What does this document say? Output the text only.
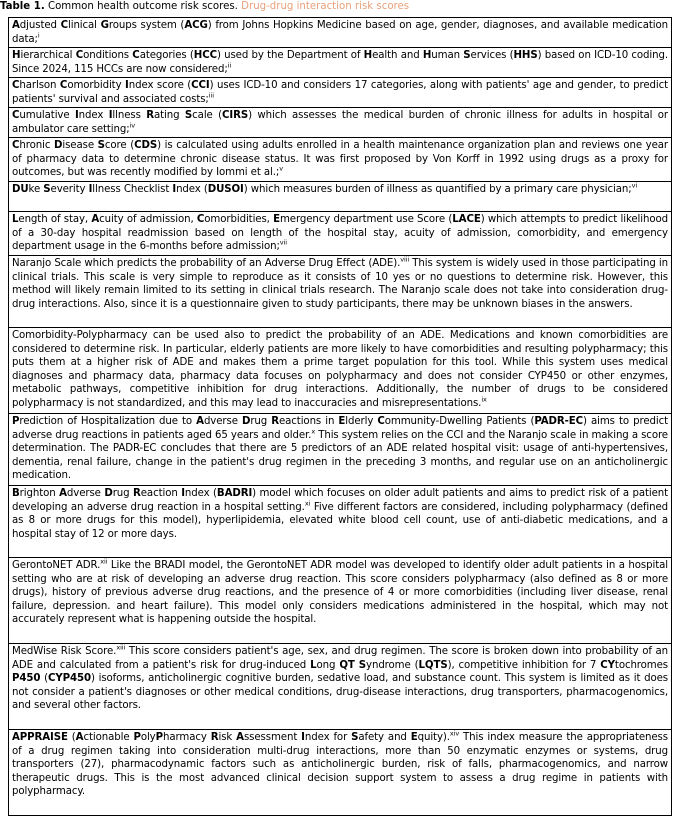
Table 1. Common health outcome risk scores. Drug-drug interaction risk scores
Adjusted Clinical Groups system (ACG) from Johns Hopkins Medicine based on age, gender, diagnoses, and available medication data;$^i$
Hierarchical Conditions Categories (HCC) used by the Department of Health and Human Services (HHS) based on ICD-10 coding. Since 2024, 115 HCCs are now considered;$^{ii}$
Charlson Comorbidity Index score (CCI) uses ICD-10 and considers 17 categories, along with patients' age and gender, to predict patients' survival and associated costs;$^{iii}$
Cumulative Index Illness Rating Scale (CIRS) which assesses the medical burden of chronic illness for adults in hospital or ambulator care setting;$^{iv}$
Chronic Disease Score (CDS) is calculated using adults enrolled in a health maintenance organization plan and reviews one year of pharmacy data to determine chronic disease status. It was first proposed by Von Korff in 1992 using drugs as a proxy for outcomes, but was recently modified by Iommi et al.;$^v$
DUke Severity Illness Checklist Index (DUSOI) which measures burden of illness as quantified by a primary care physician;$^{vi}$
Length of stay, Acuity of admission, Comorbidities, Emergency department use Score (LACE) which attempts to predict likelihood of a 30-day hospital readmission based on length of the hospital stay, acuity of admission, comorbidity, and emergency department usage in the 6-months before admission;$^{vii}$
Naranjo Scale which predicts the probability of an Adverse Drug Effect (ADE).$^{viii}$ This system is widely used in those participating in clinical trials. This scale is very simple to reproduce as it consists of 10 yes or no questions to determine risk. However, this method will likely remain limited to its setting in clinical trials research. The Naranjo scale does not take into consideration drug-drug interactions. Also, since it is a questionnaire given to study participants, there may be unknown biases in the answers.
Comorbidity-Polypharmacy can be used also to predict the probability of an ADE. Medications and known comorbidities are considered to determine risk. In particular, elderly patients are more likely to have comorbidities and resulting polypharmacy; this puts them at a higher risk of ADE and makes them a prime target population for this tool. While this system uses medical diagnoses and pharmacy data, pharmacy data focuses on polypharmacy and does not consider CYP450 or other enzymes, metabolic pathways, competitive inhibition for drug interactions. Additionally, the number of drugs to be considered polypharmacy is not standardized, and this may lead to inaccuracies and misrepresentations.$^{ix}$
Prediction of Hospitalization due to Adverse Drug Reactions in Elderly Community-Dwelling Patients (PADR-EC) aims to predict adverse drug reactions in patients aged 65 years and older.$^x$ This system relies on the CCI and the Naranjo scale in making a score determination. The PADR-EC concludes that there are 5 predictors of an ADE related hospital visit: usage of anti-hypertensives, dementia, renal failure, change in the patient's drug regimen in the preceding 3 months, and regular use on an anticholinergic medication.
Brighton Adverse Drug Reaction Index (BADRI) model which focuses on older adult patients and aims to predict risk of a patient developing an adverse drug reaction in a hospital setting.$^{xi}$ Five different factors are considered, including polypharmacy (defined as 8 or more drugs for this model), hyperlipidemia, elevated white blood cell count, use of anti-diabetic medications, and a hospital stay of 12 or more days.
GerontoNET ADR.$^{xii}$ Like the BRADI model, the GerontoNET ADR model was developed to identify older adult patients in a hospital setting who are at risk of developing an adverse drug reaction. This score considers polypharmacy (also defined as 8 or more drugs), history of previous adverse drug reactions, and the presence of 4 or more comorbidities (including liver disease, renal failure, depression. and heart failure). This model only considers medications administered in the hospital, which may not accurately represent what is happening outside the hospital.
MedWise Risk Score.$^{xiii}$ This score considers patient's age, sex, and drug regimen. The score is broken down into probability of an ADE and calculated from a patient's risk for drug-induced Long QT Syndrome (LQTS), competitive inhibition for 7 CYtochromes P450 (CYP450) isoforms, anticholinergic cognitive burden, sedative load, and substance count. This system is limited as it does not consider a patient's diagnoses or other medical conditions, drug-disease interactions, drug transporters, pharmacogenomics, and several other factors.
APPRAISE (Actionable PolyPharmacy Risk Assessment Index for Safety and Equity).$^{xiv}$ This index measure the appropriateness of a drug regimen taking into consideration multi-drug interactions, more than 50 enzymatic enzymes or systems, drug transporters (27), pharmacodynamic factors such as anticholinergic burden, risk of falls, pharmacogenomics, and narrow therapeutic drugs. This is the most advanced clinical decision support system to assess a drug regime in patients with polypharmacy.
